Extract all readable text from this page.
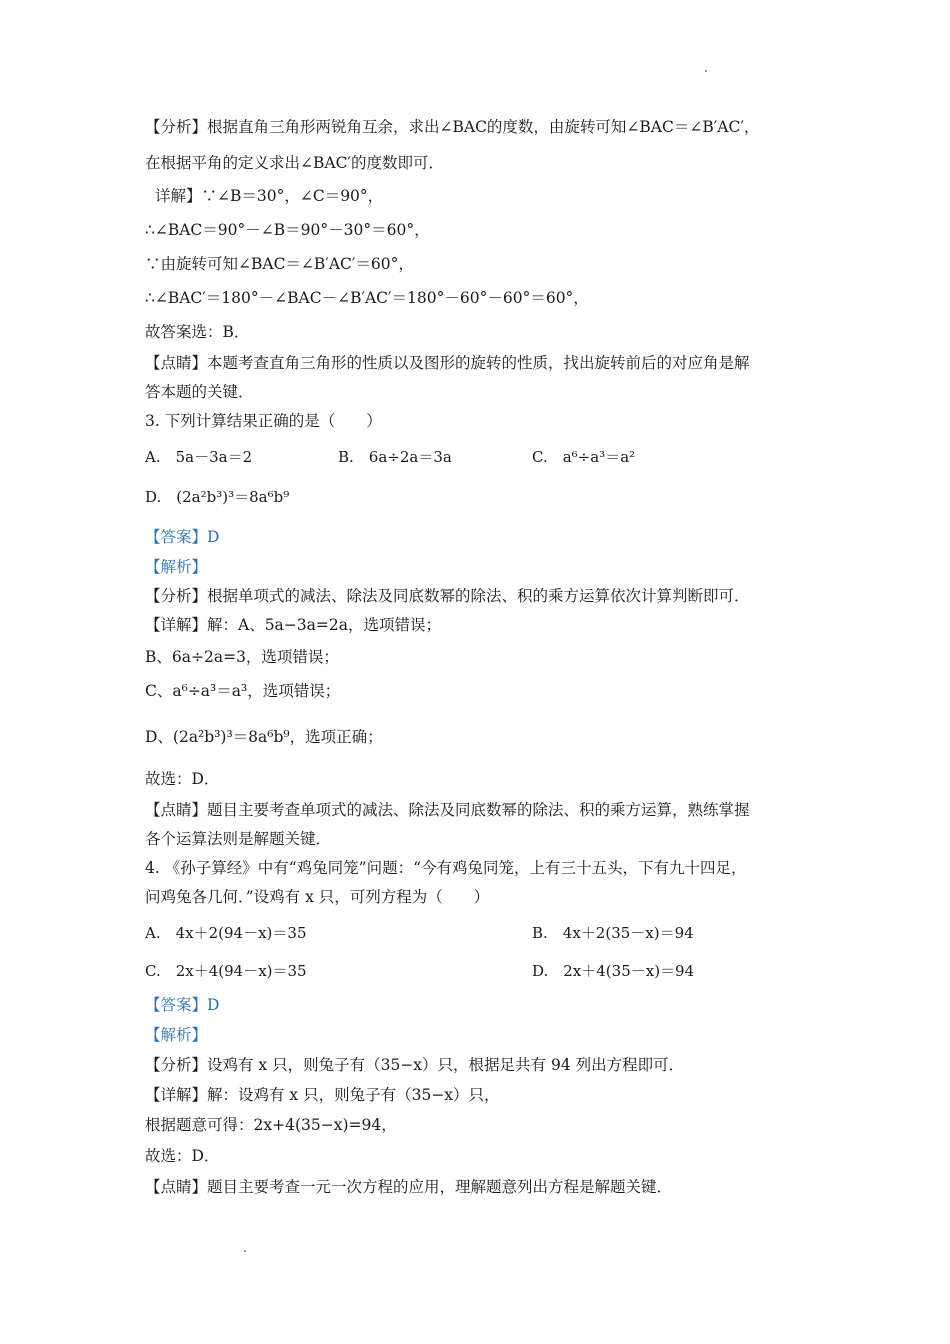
【分析】根据直角三角形两锐角互余，求出∠BAC的度数，由旋转可知∠BAC＝∠B′AC′，
在根据平角的定义求出∠BAC′的度数即可．
详解】∵∠B＝30°，∠C＝90°，
∴∠BAC＝90°－∠B＝90°－30°＝60°，
∵由旋转可知∠BAC＝∠B′AC′＝60°，
∴∠BAC′＝180°－∠BAC－∠B′AC′＝180°－60°－60°＝60°，
故答案选：B．
【点睛】本题考查直角三角形的性质以及图形的旋转的性质，找出旋转前后的对应角是解
答本题的关键．
3. 下列计算结果正确的是（　　）
A.　5a－3a＝2	B.　6a÷2a＝3a	C.　a⁶÷a³＝a²
D.　(2a²b³)³＝8a⁶b⁹
【答案】D
【解析】
【分析】根据单项式的减法、除法及同底数幂的除法、积的乘方运算依次计算判断即可．
【详解】解：A、5a−3a=2a，选项错误；
B、6a÷2a=3，选项错误；
C、a⁶÷a³＝a³，选项错误；
D、(2a²b³)³＝8a⁶b⁹，选项正确；
故选：D．
【点睛】题目主要考查单项式的减法、除法及同底数幂的除法、积的乘方运算，熟练掌握
各个运算法则是解题关键．
4. 《孙子算经》中有“鸡兔同笼”问题：“今有鸡兔同笼，上有三十五头，下有九十四足，
问鸡兔各几何．”设鸡有 x 只，可列方程为（　　）
A.　4x＋2(94－x)＝35	B.　4x＋2(35－x)＝94
C.　2x＋4(94－x)＝35	D.　2x＋4(35－x)＝94
【答案】D
【解析】
【分析】设鸡有 x 只，则兔子有（35−x）只，根据足共有 94 列出方程即可．
【详解】解：设鸡有 x 只，则兔子有（35−x）只，
根据题意可得：2x+4(35−x)=94，
故选：D．
【点睛】题目主要考查一元一次方程的应用，理解题意列出方程是解题关键．
